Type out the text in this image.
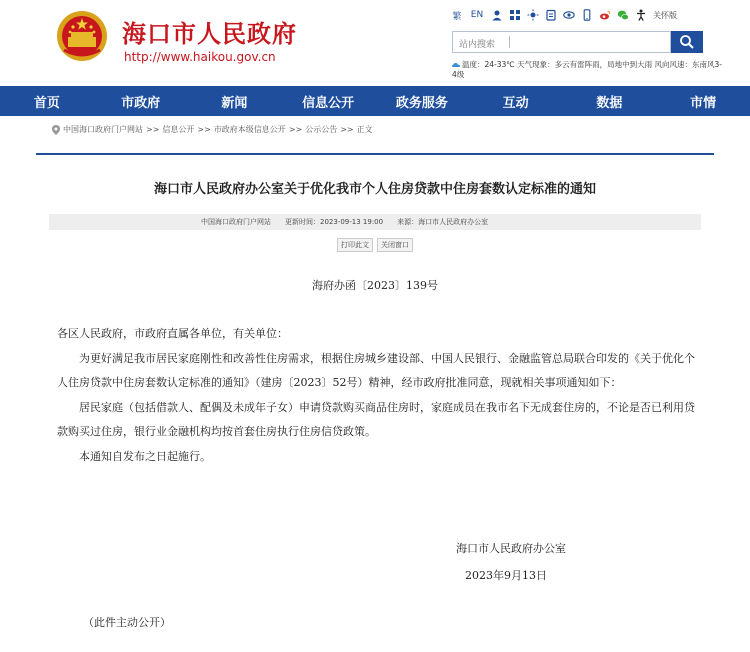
海口市人民政府
http://www.haikou.gov.cn
繁	EN	关怀版
站内搜索
温度：24-33℃ 天气现象：多云有雷阵雨，局地中到大雨 风向风速：东南风3-4级
首页	市政府	新闻	信息公开	政务服务	互动	数据	市情
中国海口政府门户网站 >> 信息公开 >> 市政府本级信息公开 >> 公示公告 >> 正文
海口市人民政府办公室关于优化我市个人住房贷款中住房套数认定标准的通知
中国海口政府门户网站 更新时间：2023-09-13 19:00 来源：海口市人民政府办公室
打印此文	关闭窗口
海府办函〔2023〕139号

各区人民政府，市政府直属各单位，有关单位：

为更好满足我市居民家庭刚性和改善性住房需求，根据住房城乡建设部、中国人民银行、金融监管总局联合印发的《关于优化个人住房贷款中住房套数认定标准的通知》（建房〔2023〕52号）精神，经市政府批准同意，现就相关事项通知如下：

居民家庭（包括借款人、配偶及未成年子女）申请贷款购买商品住房时，家庭成员在我市名下无成套住房的，不论是否已利用贷款购买过住房，银行业金融机构均按首套住房执行住房信贷政策。

本通知自发布之日起施行。

海口市人民政府办公室
2023年9月13日
（此件主动公开）
